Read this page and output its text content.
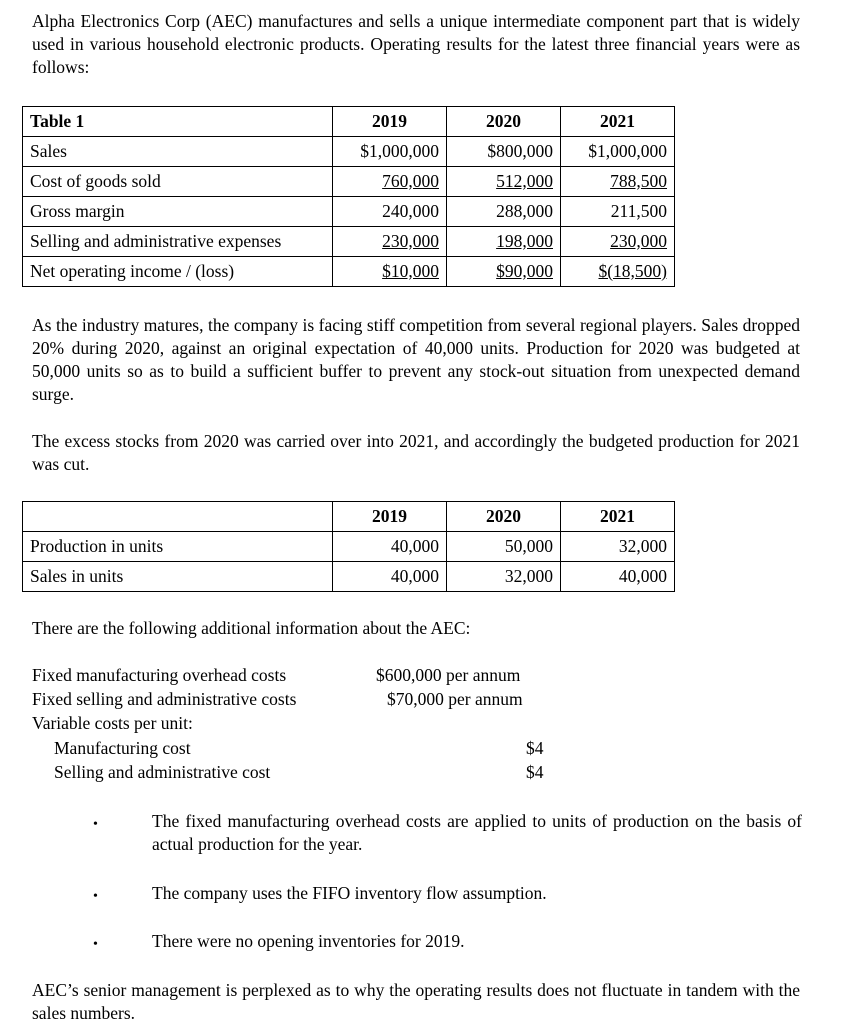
Alpha Electronics Corp (AEC) manufactures and sells a unique intermediate component part that is widely used in various household electronic products. Operating results for the latest three financial years were as follows:

Table 1	2019	2020	2021
Sales	$1,000,000	$800,000	$1,000,000
Cost of goods sold	760,000	512,000	788,500
Gross margin	240,000	288,000	211,500
Selling and administrative expenses	230,000	198,000	230,000
Net operating income / (loss)	$10,000	$90,000	$(18,500)

As the industry matures, the company is facing stiff competition from several regional players. Sales dropped 20% during 2020, against an original expectation of 40,000 units. Production for 2020 was budgeted at 50,000 units so as to build a sufficient buffer to prevent any stock-out situation from unexpected demand surge.

The excess stocks from 2020 was carried over into 2021, and accordingly the budgeted production for 2021 was cut.

	2019	2020	2021
Production in units	40,000	50,000	32,000
Sales in units	40,000	32,000	40,000

There are the following additional information about the AEC:

Fixed manufacturing overhead costs	$600,000 per annum
Fixed selling and administrative costs	$70,000 per annum
Variable costs per unit:
Manufacturing cost	$4
Selling and administrative cost	$4
•	The fixed manufacturing overhead costs are applied to units of production on the basis of actual production for the year.

•	The company uses the FIFO inventory flow assumption.

•	There were no opening inventories for 2019.

AEC’s senior management is perplexed as to why the operating results does not fluctuate in tandem with the sales numbers.
